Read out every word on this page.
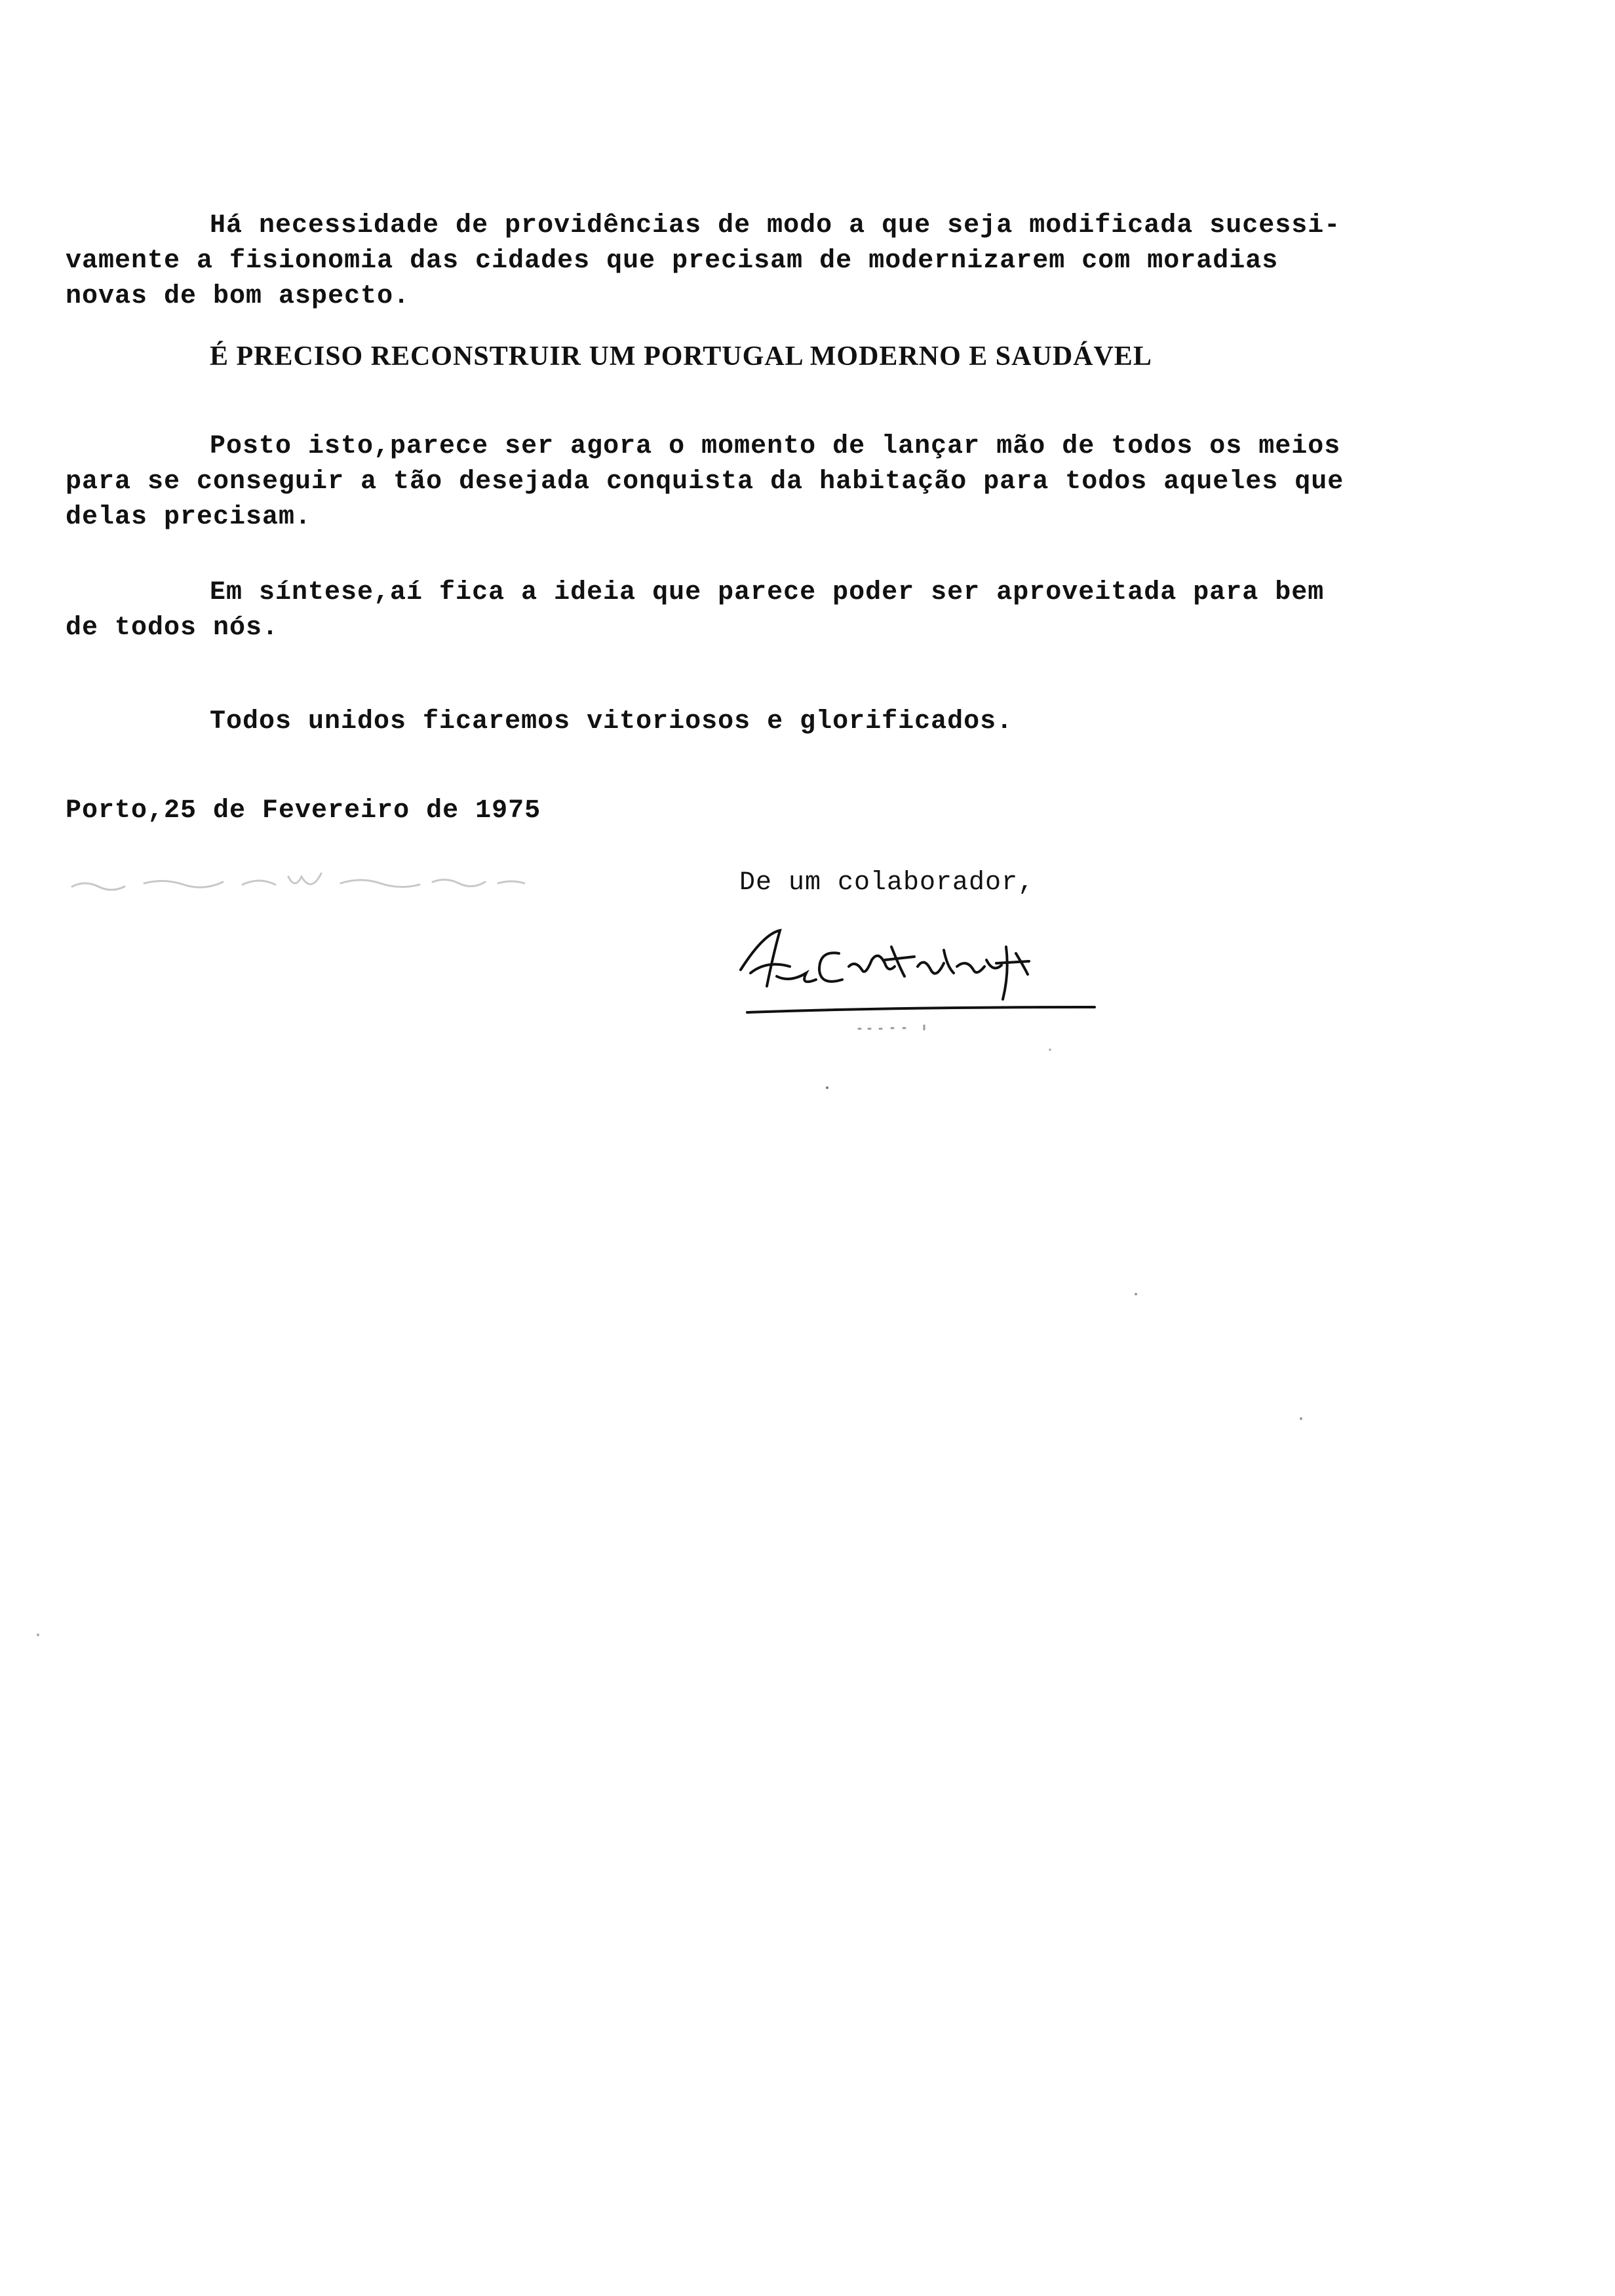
Há necessidade de providências de modo a que seja modificada sucessi-
vamente a fisionomia das cidades que precisam de modernizarem com moradias
novas de bom aspecto.
É PRECISO RECONSTRUIR UM PORTUGAL MODERNO E SAUDÁVEL
Posto isto,parece ser agora o momento de lançar mão de todos os meios
para se conseguir a tão desejada conquista da habitação para todos aqueles que
delas precisam.
Em síntese,aí fica a ideia que parece poder ser aproveitada para bem
de todos nós.
Todos unidos ficaremos vitoriosos e glorificados.
Porto,25 de Fevereiro de 1975
De um colaborador,
